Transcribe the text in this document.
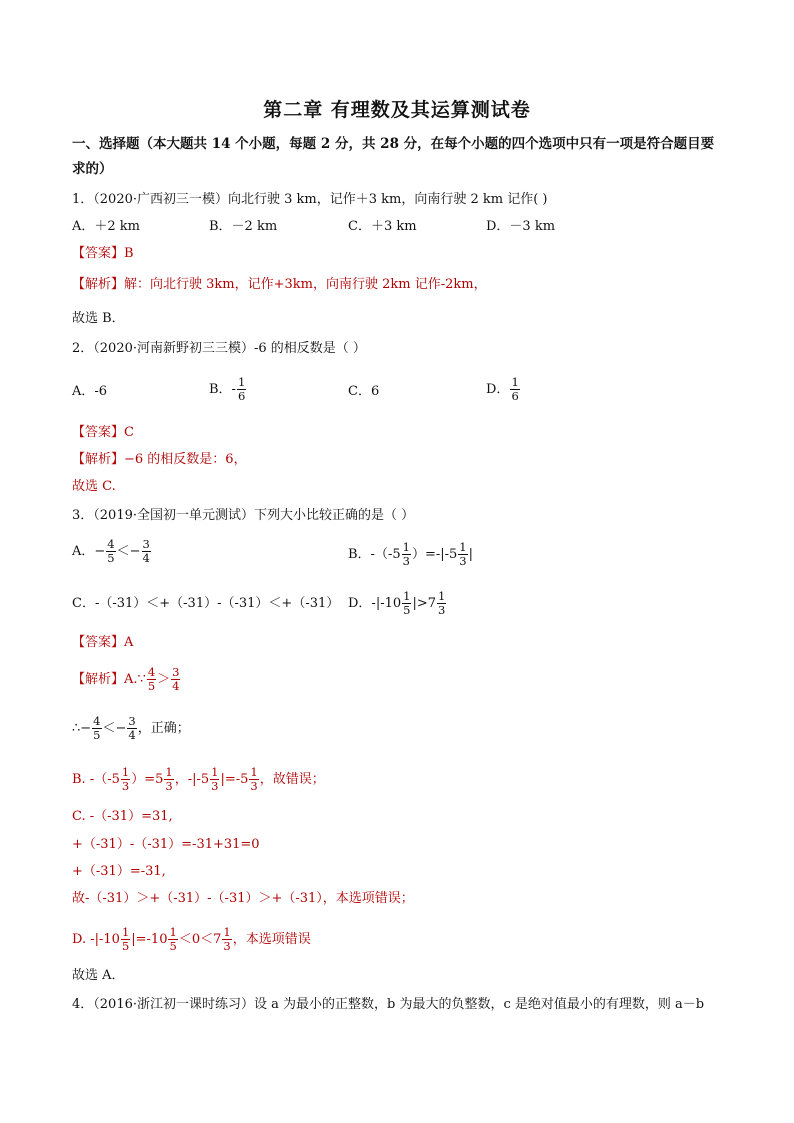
第二章 有理数及其运算测试卷
一、选择题（本大题共 14 个小题，每题 2 分，共 28 分，在每个小题的四个选项中只有一项是符合题目要
求的）
1．（2020·广西初三一模）向北行驶 3 km，记作＋3 km，向南行驶 2 km 记作( )
A．＋2 km	B．－2 km	C．＋3 km	D．－3 km
【答案】B
【解析】解：向北行驶 3km，记作+3km，向南行驶 2km 记作-2km，
故选 B．
2．（2020·河南新野初三三模）-6 的相反数是（ ）
A．-6	B．- $\frac{1}{6}$	C．6	D． $\frac{1}{6}$
【答案】C
【解析】−6 的相反数是：6，
故选 C.
3．（2019·全国初一单元测试）下列大小比较正确的是（ ）
A．− $\frac{4}{5} <- \frac{3}{4}$	B．$-(-5 \frac{1}{3} )=-|-5 \frac{1}{3}$ |
C．-（-31）＜+（-31）-（-31）＜+（-31） D．$-|-10 \frac{1}{5} |>7 \frac{1}{3}$
【答案】A
【解析】A.∵ $\frac{4}{5} > \frac{3}{4}$
∴− $\frac{4}{5} <- \frac{3}{4}$ ，正确；
B. $-(-5 \frac{1}{3} )=5 \frac{1}{3}$ ，$-|-5 \frac{1}{3} |=-5 \frac{1}{3}$ ，故错误；
C. -（-31）=31,
+（-31）-（-31）=-31+31=0
+（-31）=-31,
故-（-31）＞+（-31）-（-31）＞+（-31），本选项错误；
D. $-|-10 \frac{1}{5} |=-10 \frac{1}{5} <0<7 \frac{1}{3}$ ，本选项错误
故选 A．
4．（2016·浙江初一课时练习）设 a 为最小的正整数，b 为最大的负整数，c 是绝对值最小的有理数，则 a－b
